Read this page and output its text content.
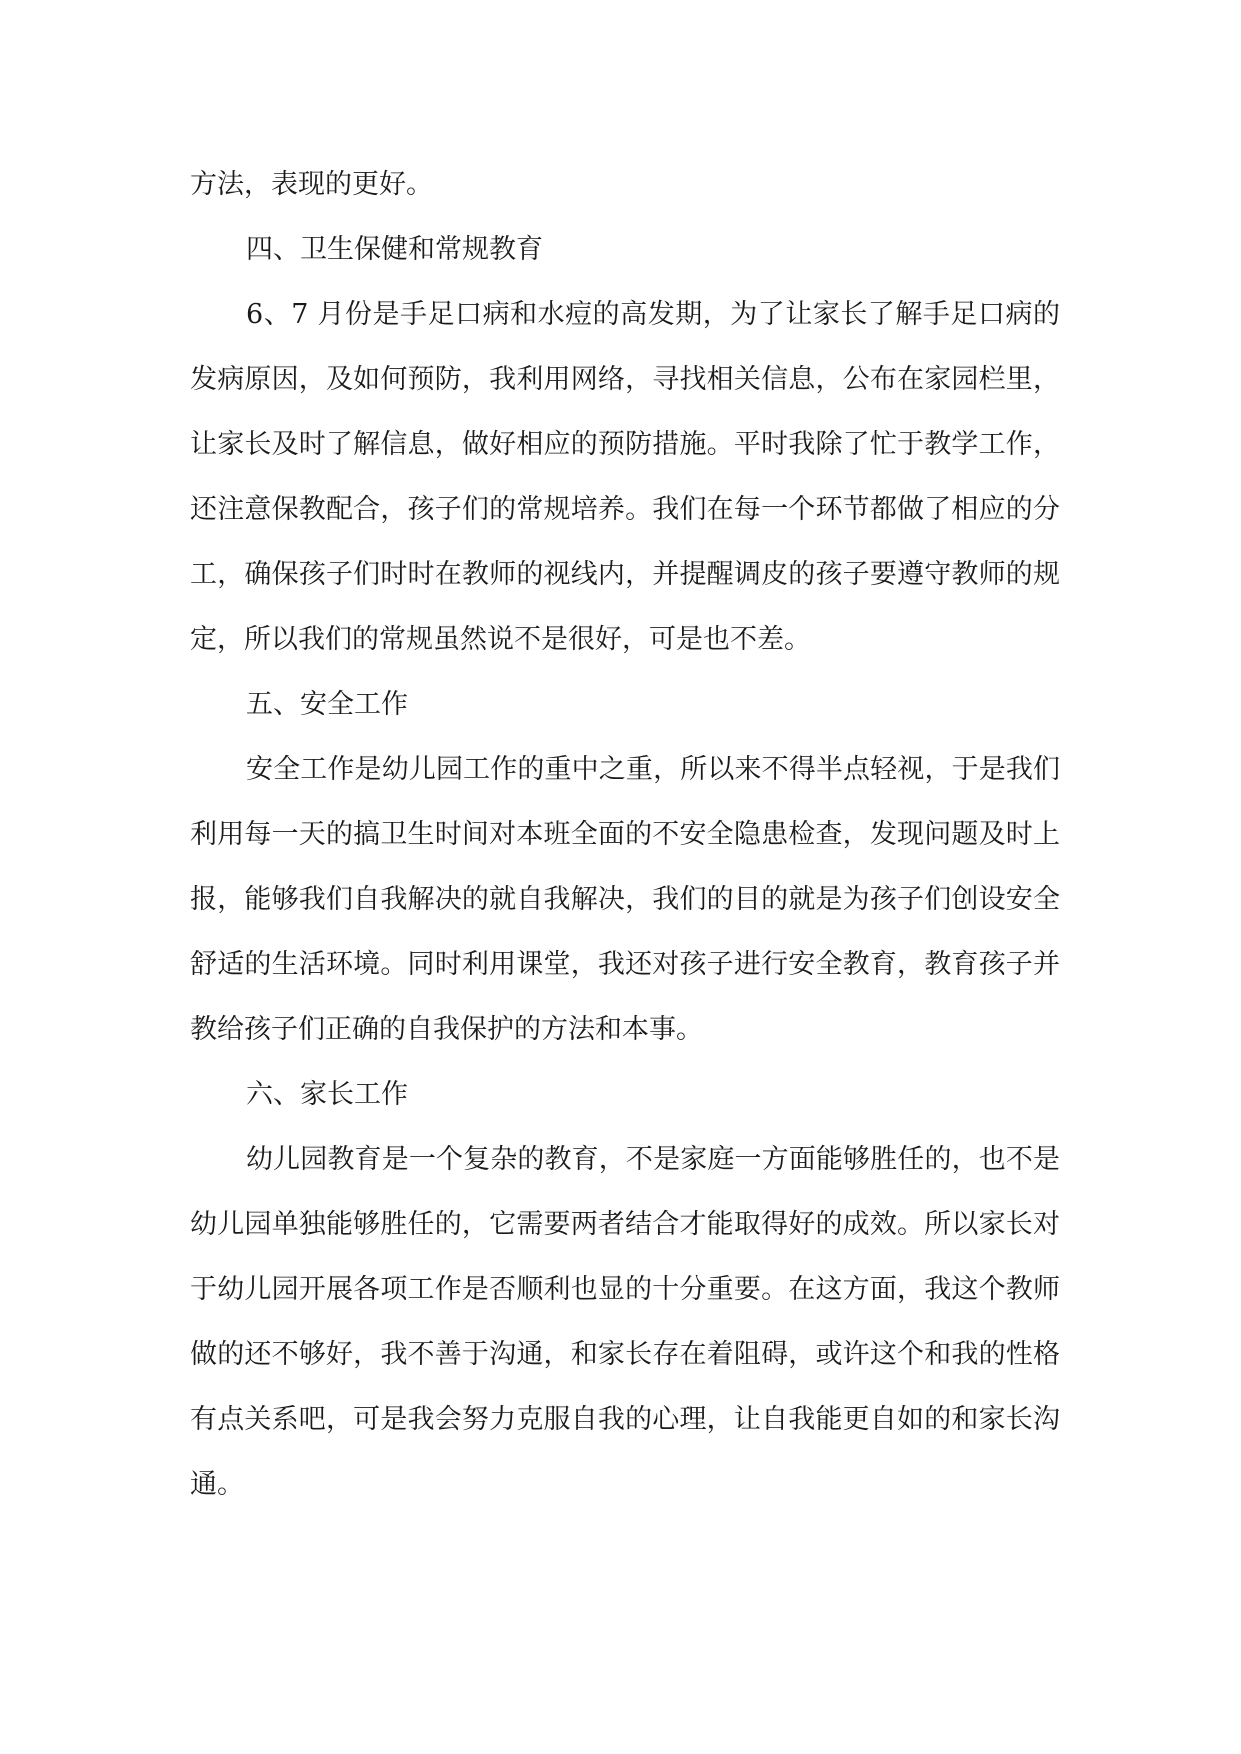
方法，表现的更好。

四、卫生保健和常规教育

6、7 月份是手足口病和水痘的高发期，为了让家长了解手足口病的发病原因，及如何预防，我利用网络，寻找相关信息，公布在家园栏里，让家长及时了解信息，做好相应的预防措施。平时我除了忙于教学工作，还注意保教配合，孩子们的常规培养。我们在每一个环节都做了相应的分工，确保孩子们时时在教师的视线内，并提醒调皮的孩子要遵守教师的规定，所以我们的常规虽然说不是很好，可是也不差。

五、安全工作

安全工作是幼儿园工作的重中之重，所以来不得半点轻视，于是我们利用每一天的搞卫生时间对本班全面的不安全隐患检查，发现问题及时上报，能够我们自我解决的就自我解决，我们的目的就是为孩子们创设安全舒适的生活环境。同时利用课堂，我还对孩子进行安全教育，教育孩子并教给孩子们正确的自我保护的方法和本事。

六、家长工作

幼儿园教育是一个复杂的教育，不是家庭一方面能够胜任的，也不是幼儿园单独能够胜任的，它需要两者结合才能取得好的成效。所以家长对于幼儿园开展各项工作是否顺利也显的十分重要。在这方面，我这个教师做的还不够好，我不善于沟通，和家长存在着阻碍，或许这个和我的性格有点关系吧，可是我会努力克服自我的心理，让自我能更自如的和家长沟通。
